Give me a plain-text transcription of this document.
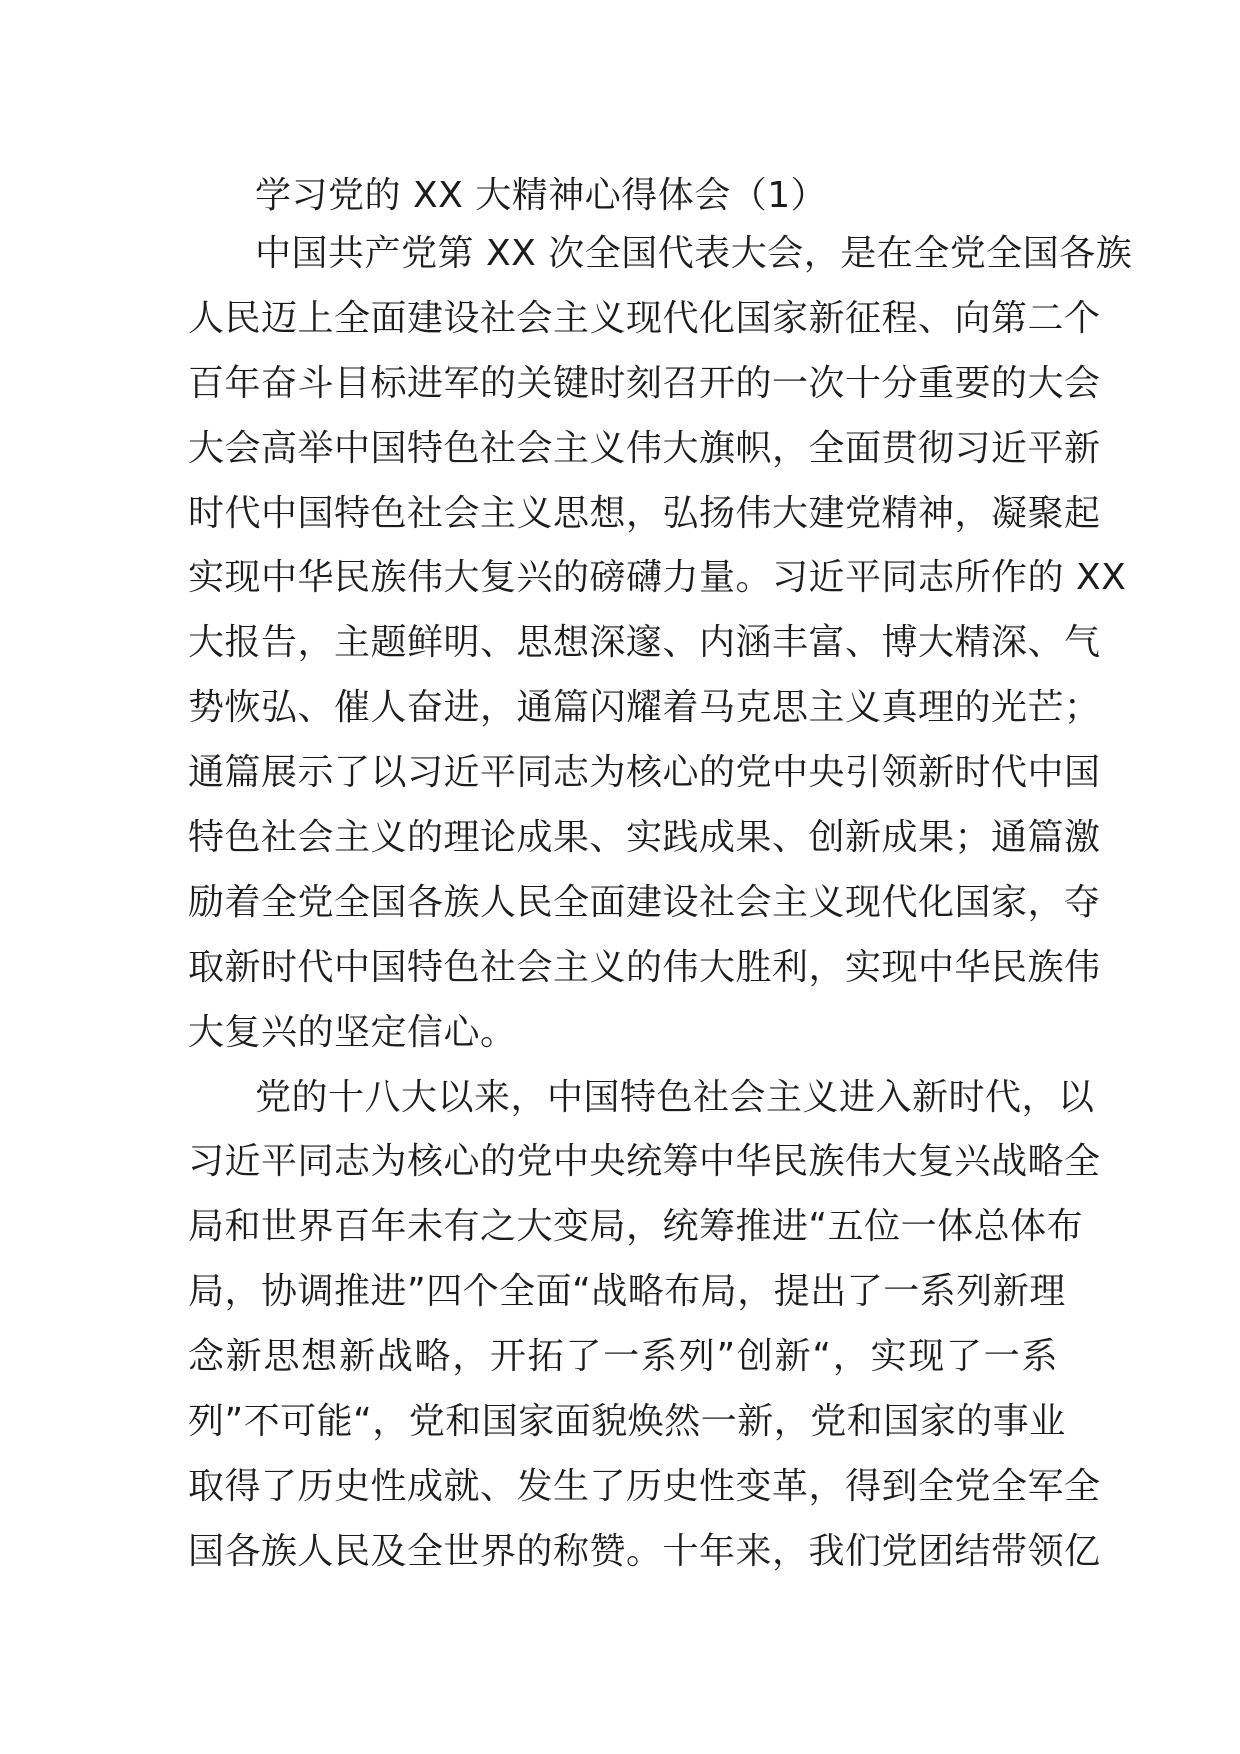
学习党的 XX 大精神心得体会（1）
中国共产党第 XX 次全国代表大会，是在全党全国各族
人民迈上全面建设社会主义现代化国家新征程、向第二个
百年奋斗目标进军的关键时刻召开的一次十分重要的大会
大会高举中国特色社会主义伟大旗帜，全面贯彻习近平新
时代中国特色社会主义思想，弘扬伟大建党精神，凝聚起
实现中华民族伟大复兴的磅礴力量。习近平同志所作的 XX
大报告，主题鲜明、思想深邃、内涵丰富、博大精深、气
势恢弘、催人奋进，通篇闪耀着马克思主义真理的光芒；
通篇展示了以习近平同志为核心的党中央引领新时代中国
特色社会主义的理论成果、实践成果、创新成果；通篇激
励着全党全国各族人民全面建设社会主义现代化国家，夺
取新时代中国特色社会主义的伟大胜利，实现中华民族伟
大复兴的坚定信心。
党的十八大以来，中国特色社会主义进入新时代，以
习近平同志为核心的党中央统筹中华民族伟大复兴战略全
局和世界百年未有之大变局，统筹推进“五位一体总体布
局，协调推进”四个全面“战略布局，提出了一系列新理
念新思想新战略，开拓了一系列”创新“，实现了一系
列”不可能“，党和国家面貌焕然一新，党和国家的事业
取得了历史性成就、发生了历史性变革，得到全党全军全
国各族人民及全世界的称赞。十年来，我们党团结带领亿
